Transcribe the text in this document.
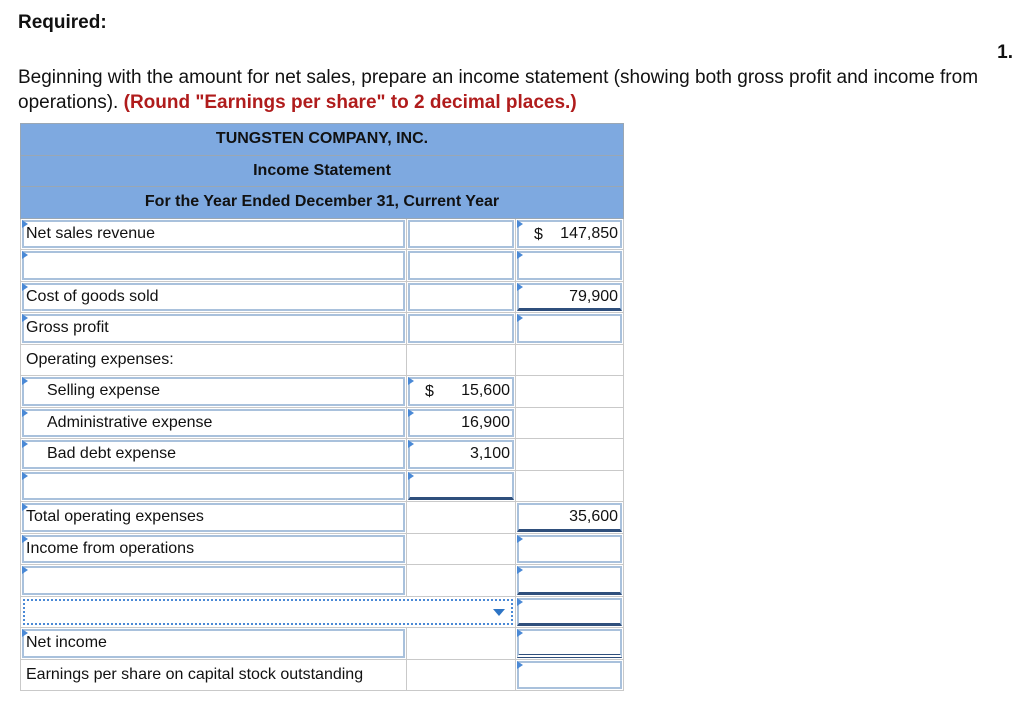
Required:
1.
Beginning with the amount for net sales, prepare an income statement (showing both gross profit and income from operations). (Round "Earnings per share" to 2 decimal places.)
TUNGSTEN COMPANY, INC.		
Income Statement		
For the Year Ended December 31, Current Year		

Net sales revenue		$ 147,850

Cost of goods sold		79,900

Gross profit		

Operating expenses:		

Selling expense	$ 15,600	

Administrative expense	16,900	

Bad debt expense	3,100	

Total operating expenses		35,600

Income from operations		

Net income		

Earnings per share on capital stock outstanding		
